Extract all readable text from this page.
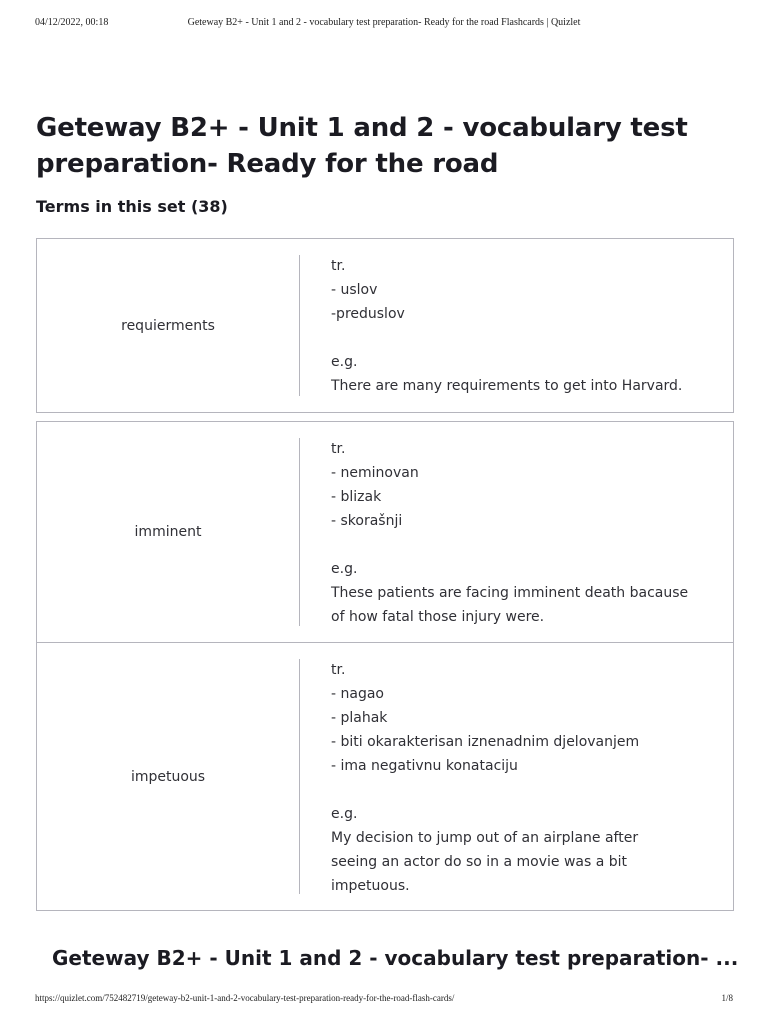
04/12/2022, 00:18	Geteway B2+ - Unit 1 and 2 - vocabulary test preparation- Ready for the road Flashcards | Quizlet
Geteway B2+ - Unit 1 and 2 - vocabulary test preparation- Ready for the road
Terms in this set (38)
requierments
tr.
- uslov
-preduslov
e.g.
There are many requirements to get into Harvard.
imminent
tr.
- neminovan
- blizak
- skorašnji
e.g.
These patients are facing imminent death bacause
of how fatal those injury were.
impetuous
tr.
- nagao
- plahak
- biti okarakterisan iznenadnim djelovanjem
- ima negativnu konataciju
e.g.
My decision to jump out of an airplane after
seeing an actor do so in a movie was a bit
impetuous.
Geteway B2+ - Unit 1 and 2 - vocabulary test preparation- ...
https://quizlet.com/752482719/geteway-b2-unit-1-and-2-vocabulary-test-preparation-ready-for-the-road-flash-cards/	1/8
